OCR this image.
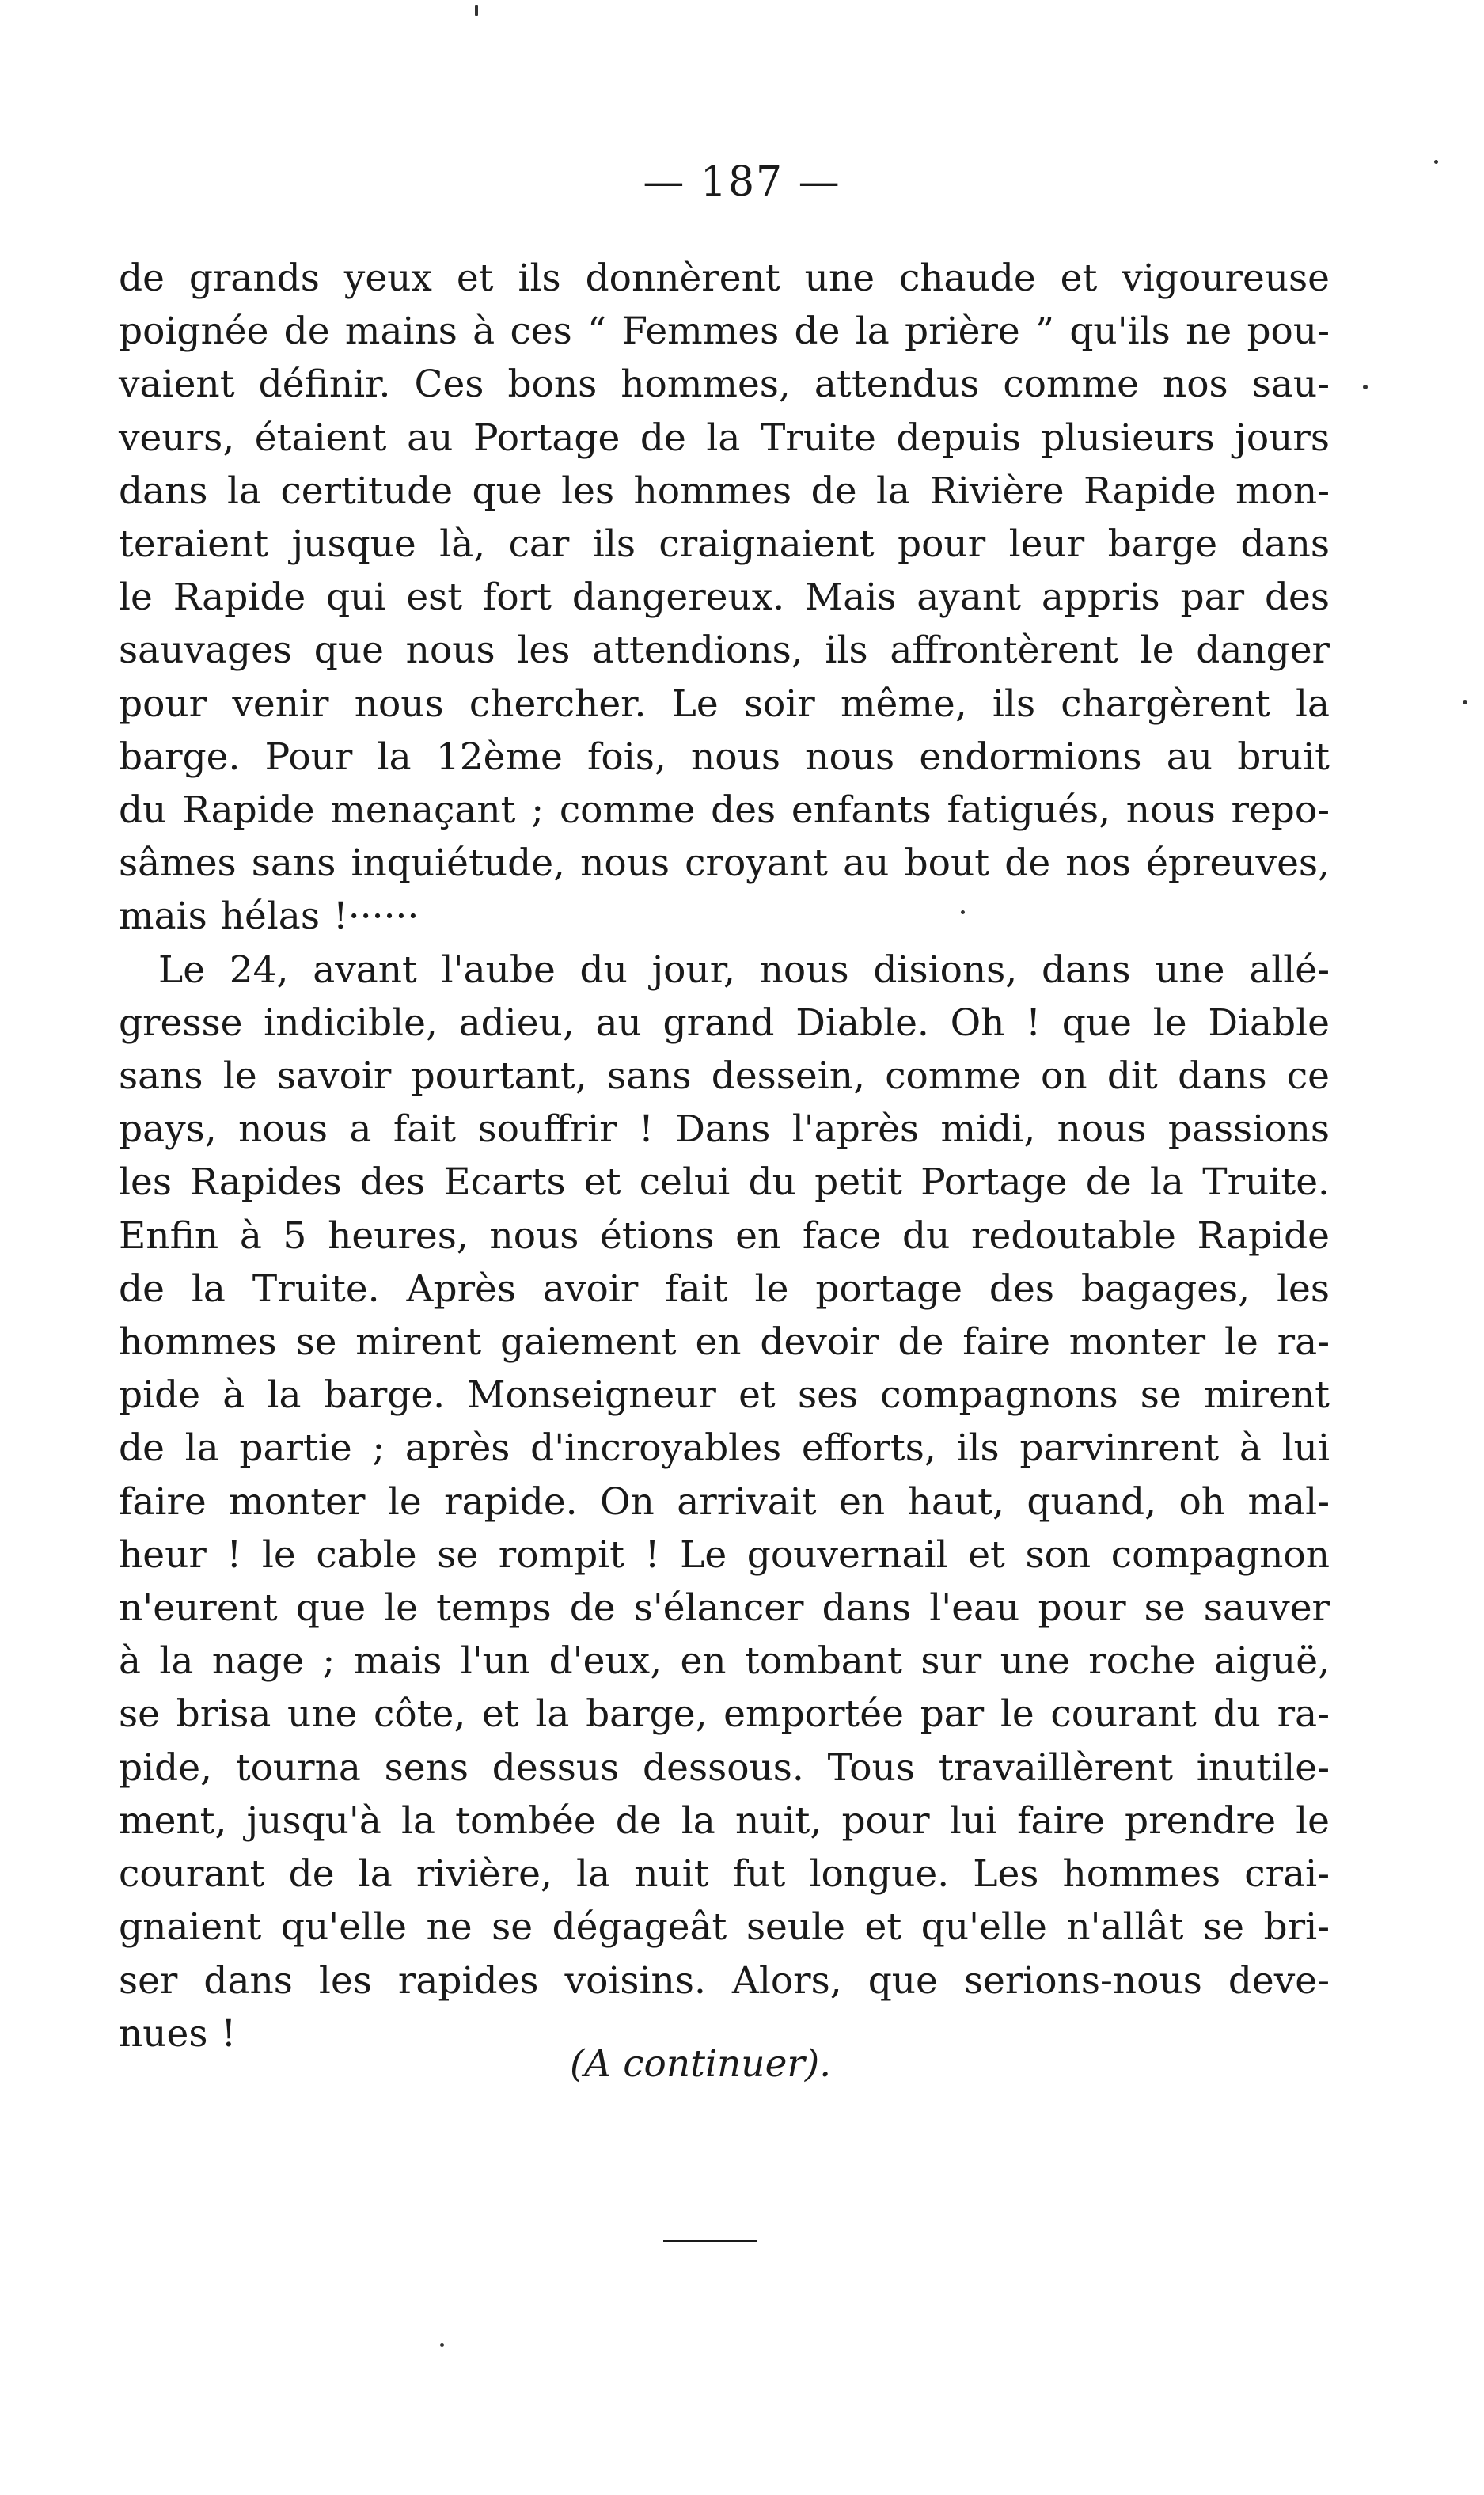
— 187 —
de grands yeux et ils donnèrent une chaude et vigoureuse
poignée de mains à ces “ Femmes de la prière ” qu'ils ne pou-
vaient définir. Ces bons hommes, attendus comme nos sau-
veurs, étaient au Portage de la Truite depuis plusieurs jours
dans la certitude que les hommes de la Rivière Rapide mon-
teraient jusque là, car ils craignaient pour leur barge dans
le Rapide qui est fort dangereux. Mais ayant appris par des
sauvages que nous les attendions, ils affrontèrent le danger
pour venir nous chercher. Le soir même, ils chargèrent la
barge. Pour la 12ème fois, nous nous endormions au bruit
du Rapide menaçant ; comme des enfants fatigués, nous repo-
sâmes sans inquiétude, nous croyant au bout de nos épreuves,
mais hélas !······
Le 24, avant l'aube du jour, nous disions, dans une allé-
gresse indicible, adieu, au grand Diable. Oh ! que le Diable
sans le savoir pourtant, sans dessein, comme on dit dans ce
pays, nous a fait souffrir ! Dans l'après midi, nous passions
les Rapides des Ecarts et celui du petit Portage de la Truite.
Enfin à 5 heures, nous étions en face du redoutable Rapide
de la Truite. Après avoir fait le portage des bagages, les
hommes se mirent gaiement en devoir de faire monter le ra-
pide à la barge. Monseigneur et ses compagnons se mirent
de la partie ; après d'incroyables efforts, ils parvinrent à lui
faire monter le rapide. On arrivait en haut, quand, oh mal-
heur ! le cable se rompit ! Le gouvernail et son compagnon
n'eurent que le temps de s'élancer dans l'eau pour se sauver
à la nage ; mais l'un d'eux, en tombant sur une roche aiguë,
se brisa une côte, et la barge, emportée par le courant du ra-
pide, tourna sens dessus dessous. Tous travaillèrent inutile-
ment, jusqu'à la tombée de la nuit, pour lui faire prendre le
courant de la rivière, la nuit fut longue. Les hommes crai-
gnaient qu'elle ne se dégageât seule et qu'elle n'allât se bri-
ser dans les rapides voisins. Alors, que serions-nous deve-
nues !
(A continuer).
